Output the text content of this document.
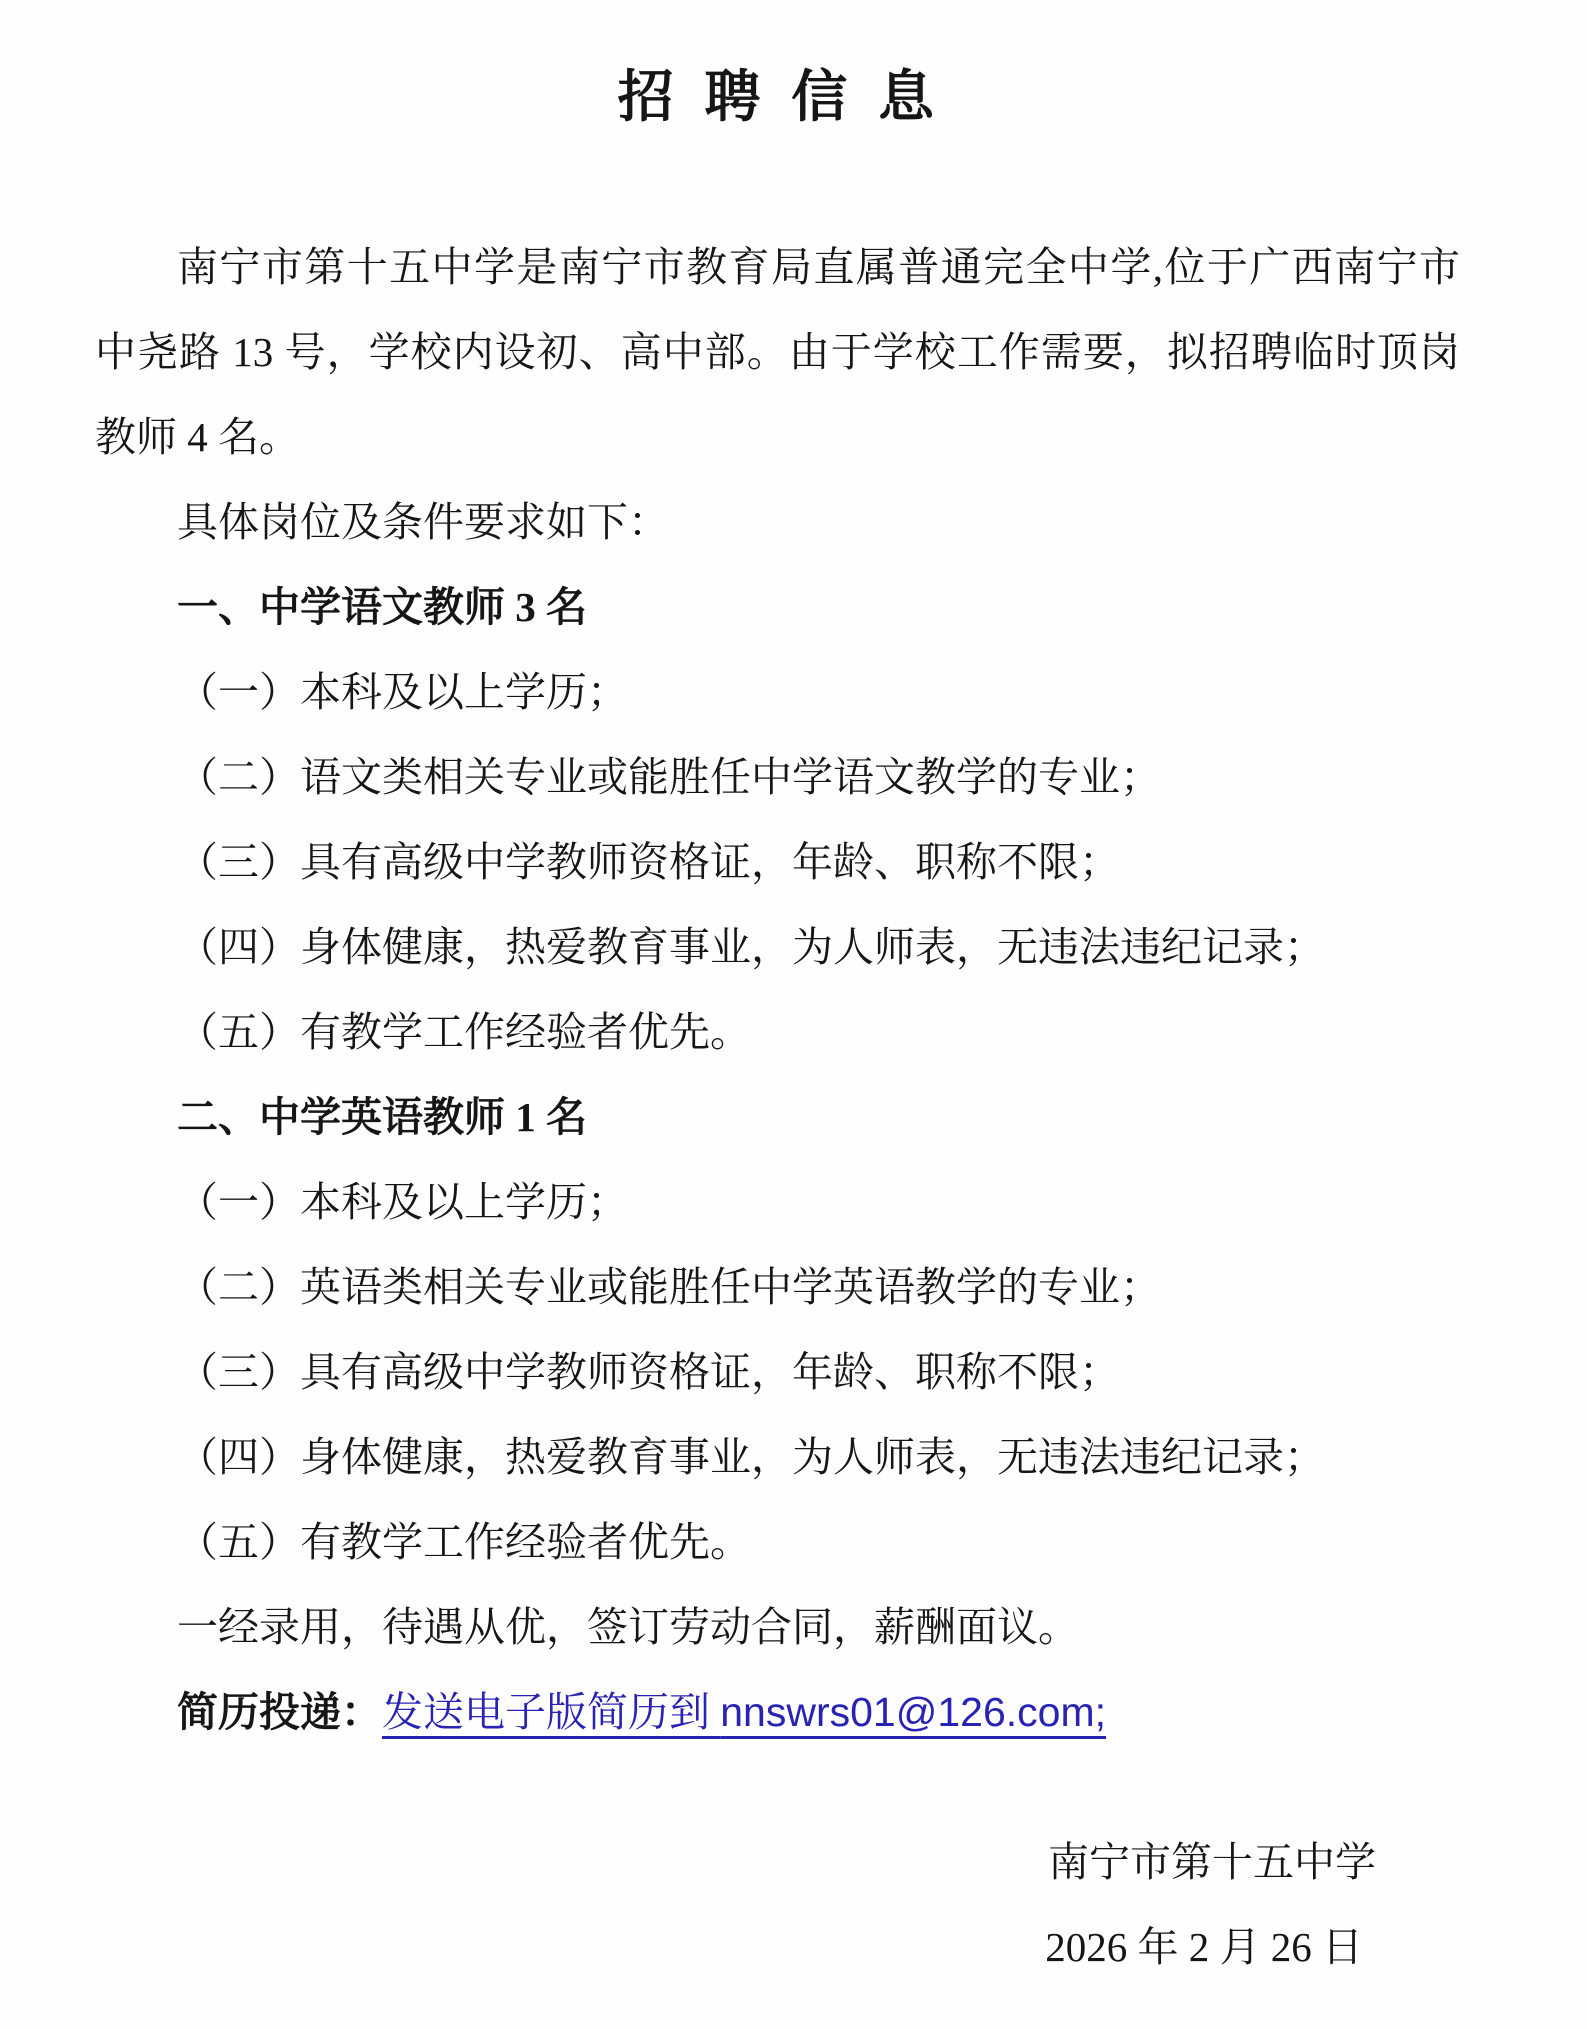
招 聘 信 息
南宁市第十五中学是南宁市教育局直属普通完全中学,位于广西南宁市
中尧路 13 号，学校内设初、高中部。由于学校工作需要，拟招聘临时顶岗
教师 4 名。
具体岗位及条件要求如下：
一、中学语文教师 3 名
（一）本科及以上学历；
（二）语文类相关专业或能胜任中学语文教学的专业；
（三）具有高级中学教师资格证，年龄、职称不限；
（四）身体健康，热爱教育事业，为人师表，无违法违纪记录；
（五）有教学工作经验者优先。
二、中学英语教师 1 名
（一）本科及以上学历；
（二）英语类相关专业或能胜任中学英语教学的专业；
（三）具有高级中学教师资格证，年龄、职称不限；
（四）身体健康，热爱教育事业，为人师表，无违法违纪记录；
（五）有教学工作经验者优先。
一经录用，待遇从优，签订劳动合同，薪酬面议。
简历投递：发送电子版简历到 nnswrs01@126.com;
南宁市第十五中学
2026 年 2 月 26 日
